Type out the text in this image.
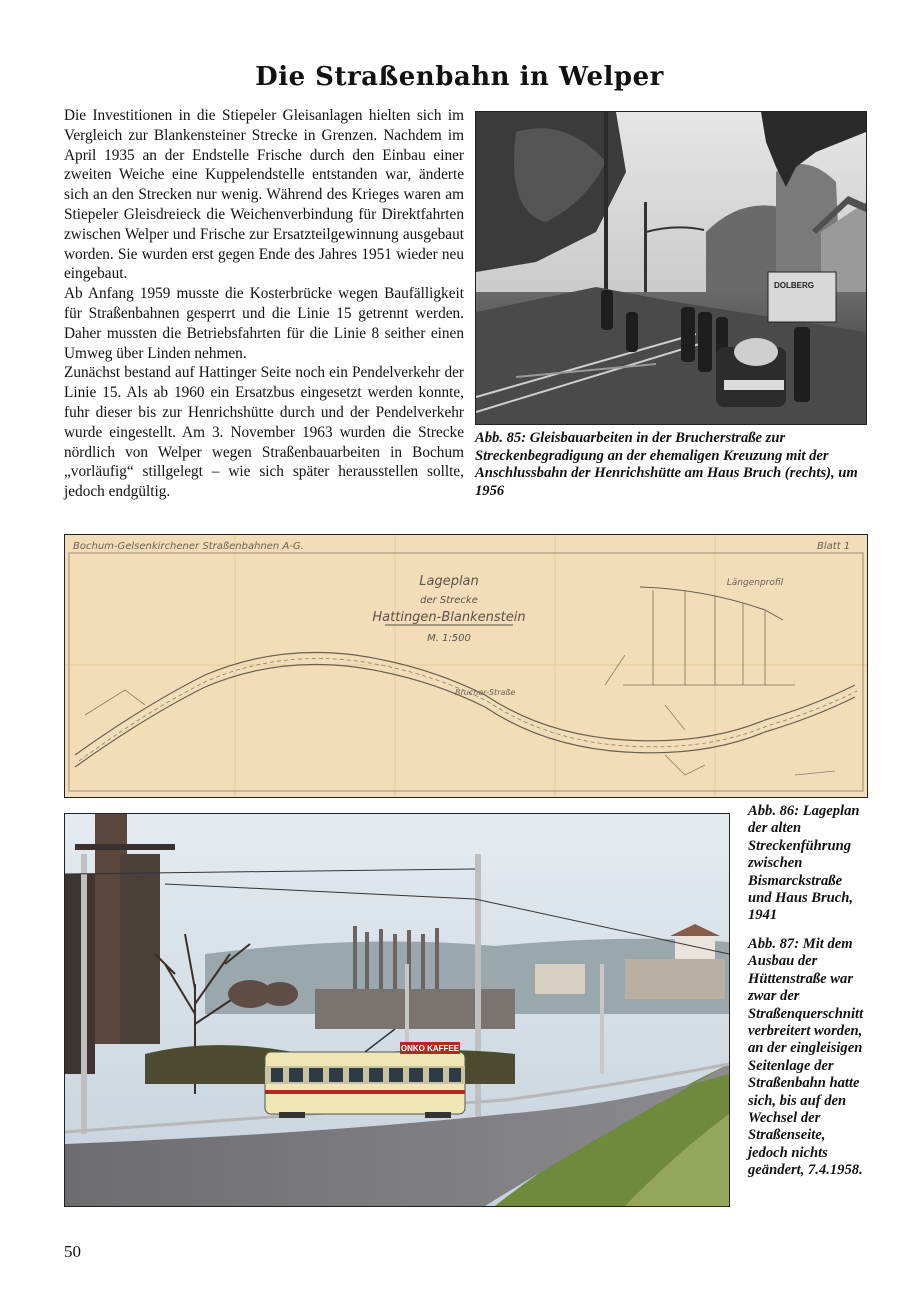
Die Straßenbahn in Welper

Die Investitionen in die Stiepeler Gleisanlagen hielten sich im Vergleich zur Blankensteiner Strecke in Grenzen. Nachdem im April 1935 an der Endstelle Frische durch den Einbau einer zweiten Weiche eine Kuppelendstelle entstanden war, änderte sich an den Strecken nur wenig. Während des Krieges waren am Stiepeler Gleisdreieck die Weichenverbindung für Direktfahrten zwischen Welper und Frische zur Ersatzteilgewinnung ausgebaut worden. Sie wurden erst gegen Ende des Jahres 1951 wieder neu eingebaut.

Ab Anfang 1959 musste die Kosterbrücke wegen Baufälligkeit für Straßenbahnen gesperrt und die Linie 15 getrennt werden. Daher mussten die Betriebsfahrten für die Linie 8 seither einen Umweg über Linden nehmen.

Zunächst bestand auf Hattinger Seite noch ein Pendelverkehr der Linie 15. Als ab 1960 ein Ersatzbus eingesetzt werden konnte, fuhr dieser bis zur Henrichshütte durch und der Pendelverkehr wurde eingestellt. Am 3. November 1963 wurden die Strecke nördlich von Welper wegen Straßenbauarbeiten in Bochum „vorläufig“ stillgelegt – wie sich später herausstellen sollte, jedoch endgültig.

DOLBERG

Abb. 85: Gleisbauarbeiten in der Brucherstraße zur Streckenbegradigung an der ehemaligen Kreuzung mit der Anschlussbahn der Henrichshütte am Haus Bruch (rechts), um 1956

Bochum-Gelsenkirchener Straßenbahnen A-G.	Blatt 1
Lageplan
der Strecke
Hattingen-Blankenstein
M. 1:500
Längenprofil
Brucher-Straße

Abb. 86: Lageplan der alten Streckenführung zwischen Bismarckstraße und Haus Bruch, 1941

ONKO KAFFEE

Abb. 87: Mit dem Ausbau der Hüttenstraße war zwar der Straßenquerschnitt verbreitert worden, an der eingleisigen Seitenlage der Straßenbahn hatte sich, bis auf den Wechsel der Straßenseite, jedoch nichts geändert, 7.4.1958.

50
